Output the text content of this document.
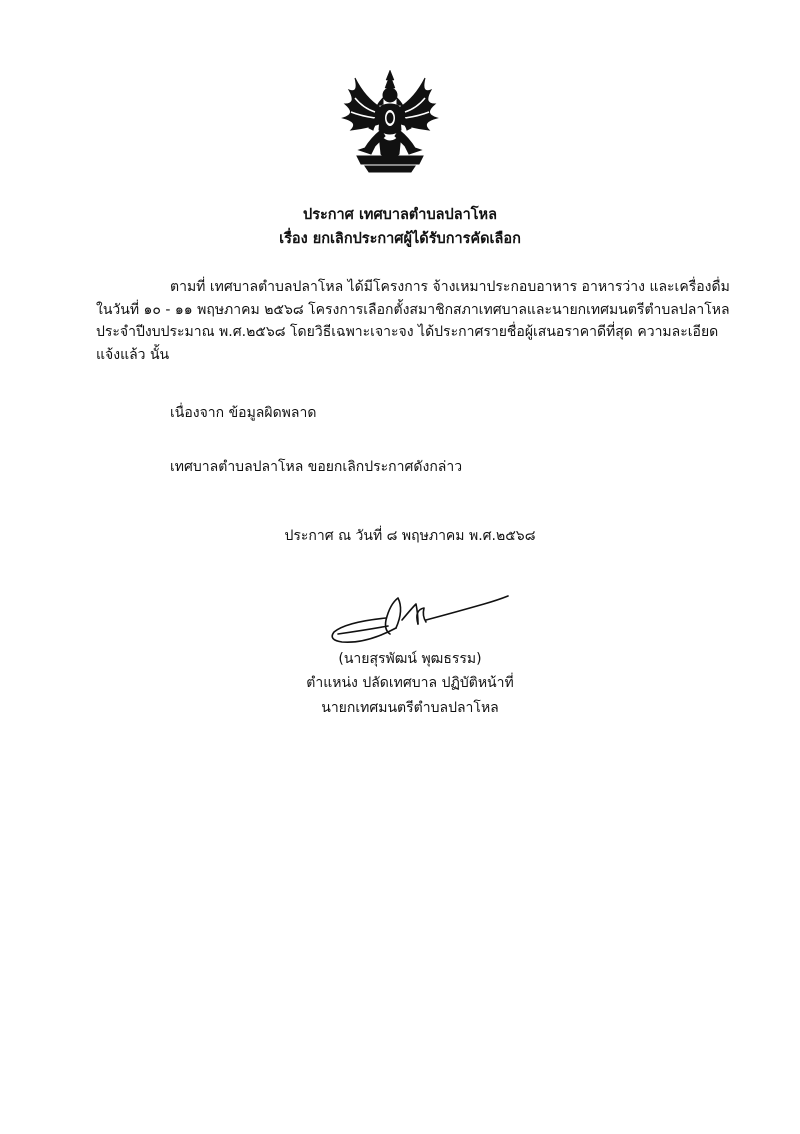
ประกาศ เทศบาลตำบลปลาโหล
เรื่อง ยกเลิกประกาศผู้ได้รับการคัดเลือก
ตามที่ เทศบาลตำบลปลาโหล ได้มีโครงการ จ้างเหมาประกอบอาหาร อาหารว่าง และเครื่องดื่ม
ในวันที่ ๑๐ - ๑๑ พฤษภาคม ๒๕๖๘ โครงการเลือกตั้งสมาชิกสภาเทศบาลและนายกเทศมนตรีตำบลปลาโหล
ประจำปีงบประมาณ พ.ศ.๒๕๖๘ โดยวิธีเฉพาะเจาะจง ได้ประกาศรายชื่อผู้เสนอราคาดีที่สุด ความละเอียด
แจ้งแล้ว นั้น
เนื่องจาก ข้อมูลผิดพลาด
เทศบาลตำบลปลาโหล ขอยกเลิกประกาศดังกล่าว
ประกาศ ณ วันที่ ๘ พฤษภาคม พ.ศ.๒๕๖๘
(นายสุรพัฒน์ พุฒธรรม)
ตำแหน่ง ปลัดเทศบาล ปฏิบัติหน้าที่
นายกเทศมนตรีตำบลปลาโหล
